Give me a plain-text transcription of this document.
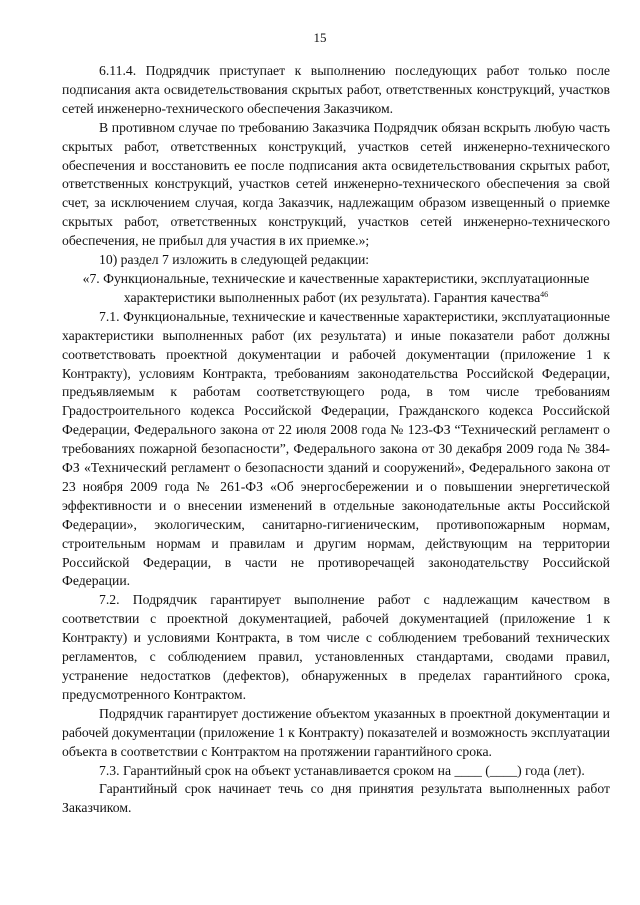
15

6.11.4. Подрядчик приступает к выполнению последующих работ только после подписания акта освидетельствования скрытых работ, ответственных конструкций, участков сетей инженерно-технического обеспечения Заказчиком.

В противном случае по требованию Заказчика Подрядчик обязан вскрыть любую часть скрытых работ, ответственных конструкций, участков сетей инженерно-технического обеспечения и восстановить ее после подписания акта освидетельствования скрытых работ, ответственных конструкций, участков сетей инженерно-технического обеспечения за свой счет, за исключением случая, когда Заказчик, надлежащим образом извещенный о приемке скрытых работ, ответственных конструкций, участков сетей инженерно-технического обеспечения, не прибыл для участия в их приемке.»;

10) раздел 7 изложить в следующей редакции:

«7. Функциональные, технические и качественные характеристики, эксплуатационные характеристики выполненных работ (их результата). Гарантия качества$^{46}$

7.1. Функциональные, технические и качественные характеристики, эксплуатационные характеристики выполненных работ (их результата) и иные показатели работ должны соответствовать проектной документации и рабочей документации (приложение 1 к Контракту), условиям Контракта, требованиям законодательства Российской Федерации, предъявляемым к работам соответствующего рода, в том числе требованиям Градостроительного кодекса Российской Федерации, Гражданского кодекса Российской Федерации, Федерального закона от 22 июля 2008 года № 123-ФЗ “Технический регламент о требованиях пожарной безопасности”, Федерального закона от 30 декабря 2009 года № 384-ФЗ «Технический регламент о безопасности зданий и сооружений», Федерального закона от 23 ноября 2009 года № 261-ФЗ «Об энергосбережении и о повышении энергетической эффективности и о внесении изменений в отдельные законодательные акты Российской Федерации», экологическим, санитарно-гигиеническим, противопожарным нормам, строительным нормам и правилам и другим нормам, действующим на территории Российской Федерации, в части не противоречащей законодательству Российской Федерации.

7.2. Подрядчик гарантирует выполнение работ с надлежащим качеством в соответствии с проектной документацией, рабочей документацией (приложение 1 к Контракту) и условиями Контракта, в том числе с соблюдением требований технических регламентов, с соблюдением правил, установленных стандартами, сводами правил, устранение недостатков (дефектов), обнаруженных в пределах гарантийного срока, предусмотренного Контрактом.

Подрядчик гарантирует достижение объектом указанных в проектной документации и рабочей документации (приложение 1 к Контракту) показателей и возможность эксплуатации объекта в соответствии с Контрактом на протяжении гарантийного срока.

7.3. Гарантийный срок на объект устанавливается сроком на ____ (____) года (лет).

Гарантийный срок начинает течь со дня принятия результата выполненных работ Заказчиком.
